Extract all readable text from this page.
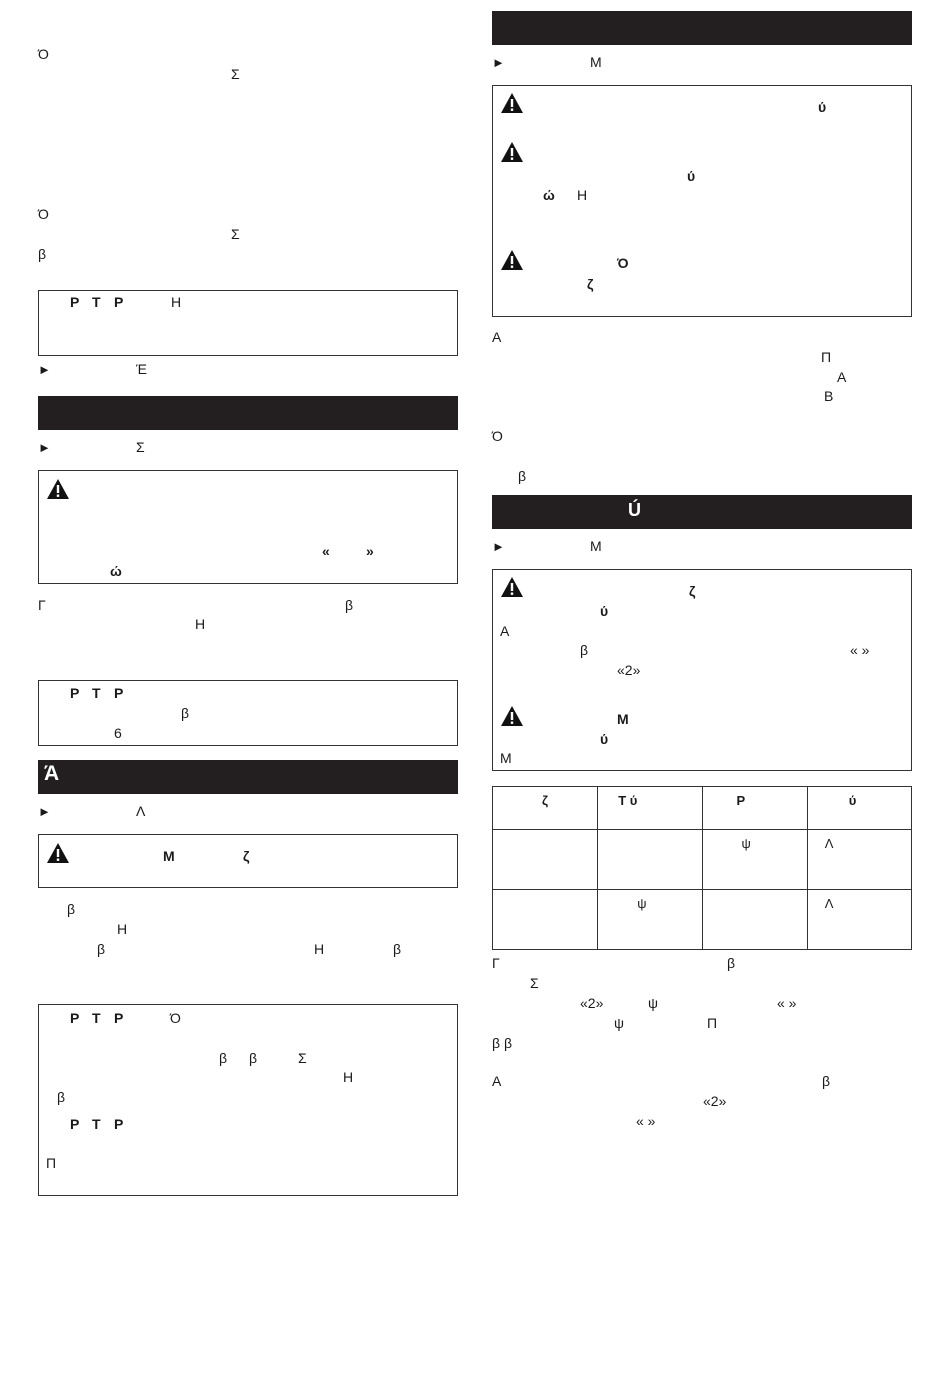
Ό
Σ
Ό
Σ
β
Ρ Τ Ρ	Η
►	Έ
►	Σ
«	»
ώ
Γ	β
Η
Ρ Τ Ρ
β
6
Ά
►	Λ
Μ	ζ
β
Η
β	Η	β
Ρ Τ Ρ	Ό
β β	Σ
Η
β
Ρ Τ Ρ
Π
►	Μ
ύ
ύ
ώ Η
Ό
ζ
Α
Π
Α
Β
Ό
β
Ú
►	Μ
ζ
ύ
Α
β	« »
«2»
Μ
ύ
Μ
ζ	Τ ύ	Ρ	ύ

		ψ	Λ

	ψ		Λ
Γ	β
Σ
«2»	ψ	« »
ψ	Π
β β
Α	β
«2»
« »
